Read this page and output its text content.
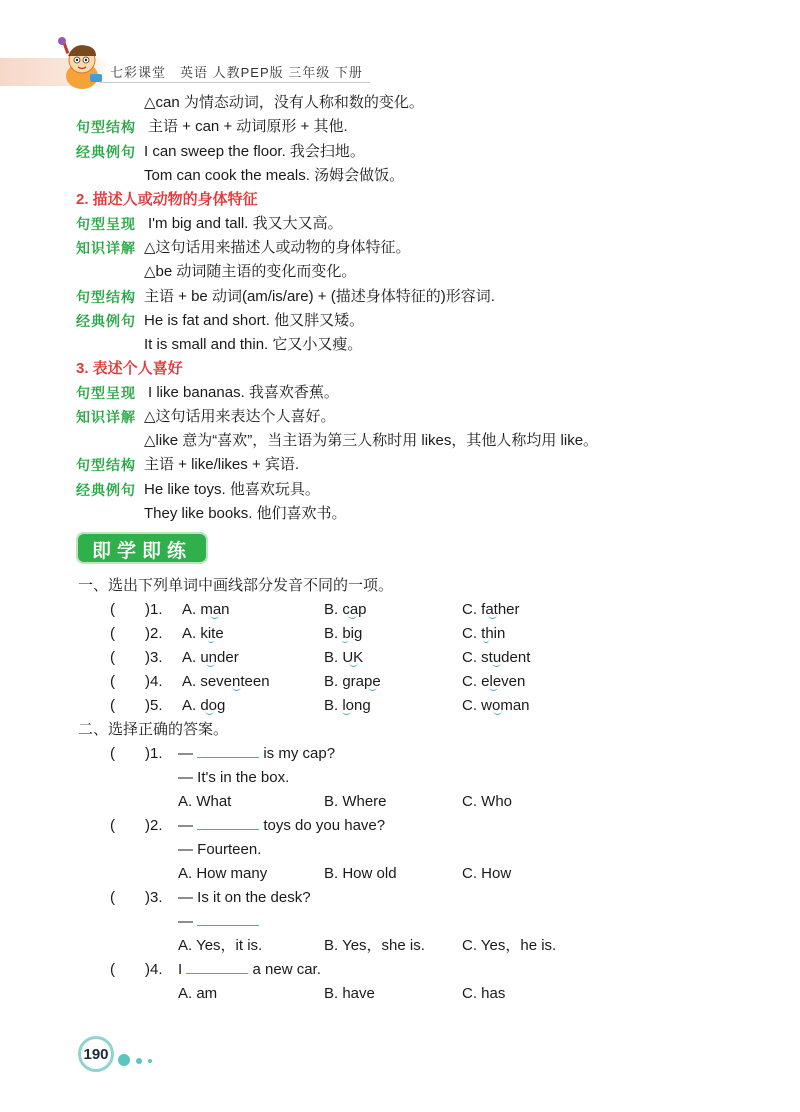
七彩课堂　英语 人教PEP版 三年级 下册
△can 为情态动词，没有人称和数的变化。
句型结构 主语 + can + 动词原形 + 其他.
经典例句 I can sweep the floor. 我会扫地。
Tom can cook the meals. 汤姆会做饭。
2. 描述人或动物的身体特征
句型呈现 I'm big and tall. 我又大又高。
知识详解 △这句话用来描述人或动物的身体特征。
△be 动词随主语的变化而变化。
句型结构 主语 + be 动词(am/is/are) + (描述身体特征的)形容词.
经典例句 He is fat and short. 他又胖又矮。
It is small and thin. 它又小又瘦。
3. 表述个人喜好
句型呈现 I like bananas. 我喜欢香蕉。
知识详解 △这句话用来表达个人喜好。
△like 意为“喜欢”，当主语为第三人称时用 likes，其他人称均用 like。
句型结构 主语 + like/likes + 宾语.
经典例句 He like toys. 他喜欢玩具。
They like books. 他们喜欢书。
即学即练
一、选出下列单词中画线部分发音不同的一项。
(　　)1. A. man	B. cap	C. father
(　　)2. A. kite	B. big	C. thin
(　　)3. A. under	B. UK	C. student
(　　)4. A. seventeen	B. grape	C. eleven
(　　)5. A. dog	B. long	C. woman
二、选择正确的答案。
(　　)1. —	is my cap?
— It's in the box.
A. What	B. Where	C. Who
(　　)2. —	toys do you have?
— Fourteen.
A. How many	B. How old	C. How
(　　)3. — Is it on the desk?
—
A. Yes，it is.	B. Yes，she is. C. Yes，he is.
(　　)4. I	a new car.
A. am	B. have	C. has
190
